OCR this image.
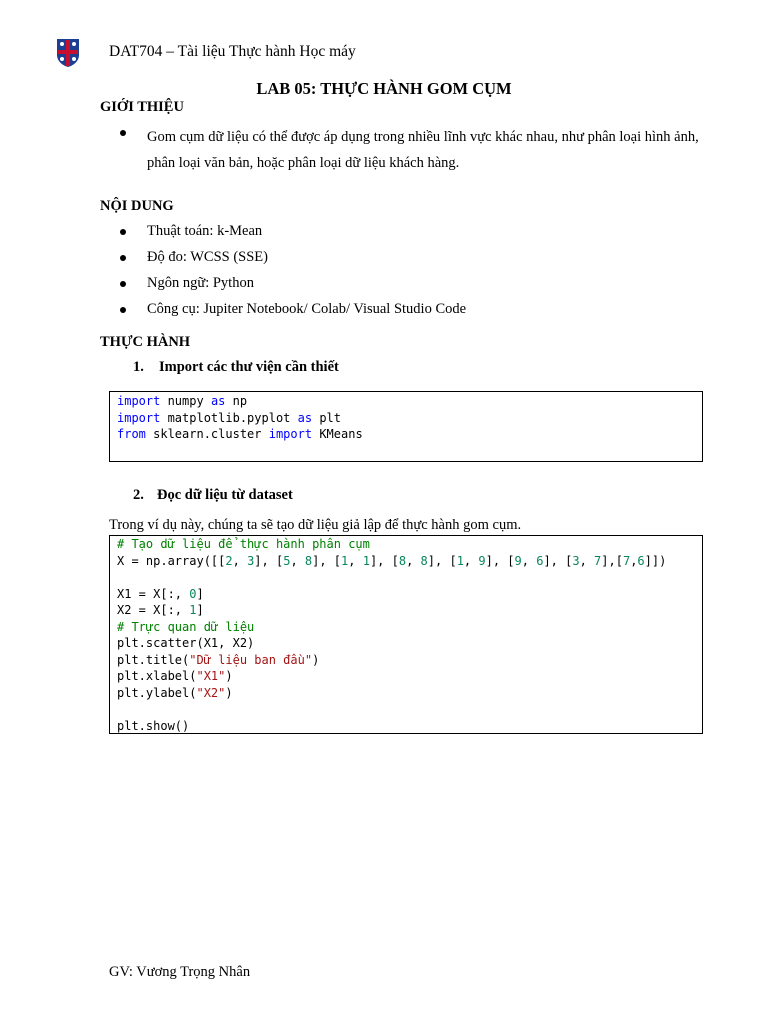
DAT704 – Tài liệu Thực hành Học máy
LAB 05: THỰC HÀNH GOM CỤM
GIỚI THIỆU
Gom cụm dữ liệu có thể được áp dụng trong nhiều lĩnh vực khác nhau, như phân loại hình ảnh, phân loại văn bản, hoặc phân loại dữ liệu khách hàng.
NỘI DUNG
Thuật toán: k-Mean
Độ đo: WCSS (SSE)
Ngôn ngữ: Python
Công cụ: Jupiter Notebook/ Colab/ Visual Studio Code
THỰC HÀNH
1. Import các thư viện cần thiết
import numpy as np
import matplotlib.pyplot as plt
from sklearn.cluster import KMeans
2. Đọc dữ liệu từ dataset
Trong ví dụ này, chúng ta sẽ tạo dữ liệu giả lập để thực hành gom cụm.
# Tạo dữ liệu để thực hành phân cụm
X = np.array([[2, 3], [5, 8], [1, 1], [8, 8], [1, 9], [9, 6], [3, 7],[7,6]])

X1 = X[:, 0]
X2 = X[:, 1]
# Trực quan dữ liệu
plt.scatter(X1, X2)
plt.title("Dữ liệu ban đầu")
plt.xlabel("X1")
plt.ylabel("X2")

plt.show()
GV: Vương Trọng Nhân
